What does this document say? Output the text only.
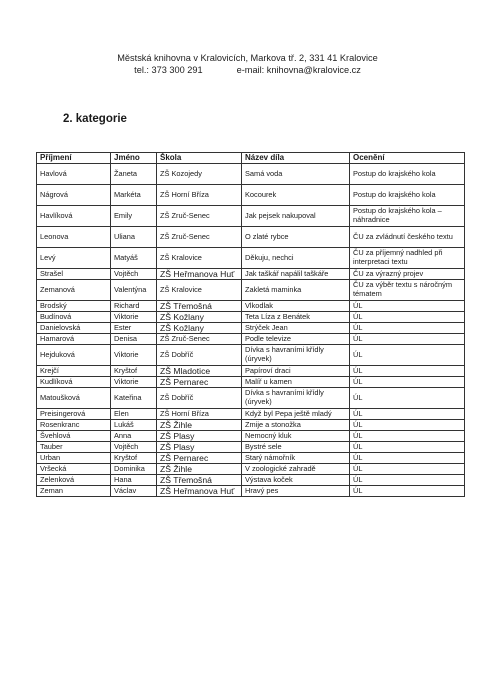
Městská knihovna v Kralovicích, Markova tř. 2, 331 41 Kralovice
tel.: 373 300 291	e-mail: knihovna@kralovice.cz
2. kategorie
Příjmení	Jméno	Škola	Název díla	Ocenění
Havlová	Žaneta	ZŠ Kozojedy	Samá voda	Postup do krajského kola
Nágrová	Markéta	ZŠ Horní Bříza	Kocourek	Postup do krajského kola
Havlíková	Emily	ZŠ Zruč-Senec	Jak pejsek nakupoval	Postup do krajského kola – náhradnice
Leonova	Uliana	ZŠ Zruč-Senec	O zlaté rybce	ČU za zvládnutí českého textu
Levý	Matyáš	ZŠ Kralovice	Děkuju, nechci	ČU za příjemný nadhled při interpretaci textu
Strašel	Vojtěch	ZŠ Heřmanova Huť	Jak taškář napálil taškáře	ČU za výrazný projev
Zemanová	Valentýna	ZŠ Kralovice	Zakletá maminka	ČU za výběr textu s náročným tématem
Brodský	Richard	ZŠ Třemošná	Vlkodlak	ÚL
Budínová	Viktorie	ZŠ Kožlany	Teta Líza z Benátek	ÚL
Danielovská	Ester	ZŠ Kožlany	Strýček Jean	ÚL
Hamarová	Denisa	ZŠ Zruč-Senec	Podle televize	ÚL
Hejduková	Viktorie	ZŠ Dobříč	Dívka s havraními křídly (úryvek)	ÚL
Krejčí	Kryštof	ZŠ Mladotice	Papíroví draci	ÚL
Kudlíková	Viktorie	ZŠ Pernarec	Malíř u kamen	ÚL
Matoušková	Kateřina	ZŠ Dobříč	Dívka s havraními křídly (úryvek)	ÚL
Preisingerová	Elen	ZŠ Horní Bříza	Když byl Pepa ještě mladý	ÚL
Rosenkranc	Lukáš	ZŠ Žihle	Zmije a stonožka	ÚL
Švehlová	Anna	ZŠ Plasy	Nemocný kluk	ÚL
Tauber	Vojtěch	ZŠ Plasy	Bystré sele	ÚL
Urban	Kryštof	ZŠ Pernarec	Starý námořník	ÚL
Vršecká	Dominika	ZŠ Žihle	V zoologické zahradě	ÚL
Zelenková	Hana	ZŠ Třemošná	Výstava koček	ÚL
Zeman	Václav	ZŠ Heřmanova Huť	Hravý pes	ÚL
